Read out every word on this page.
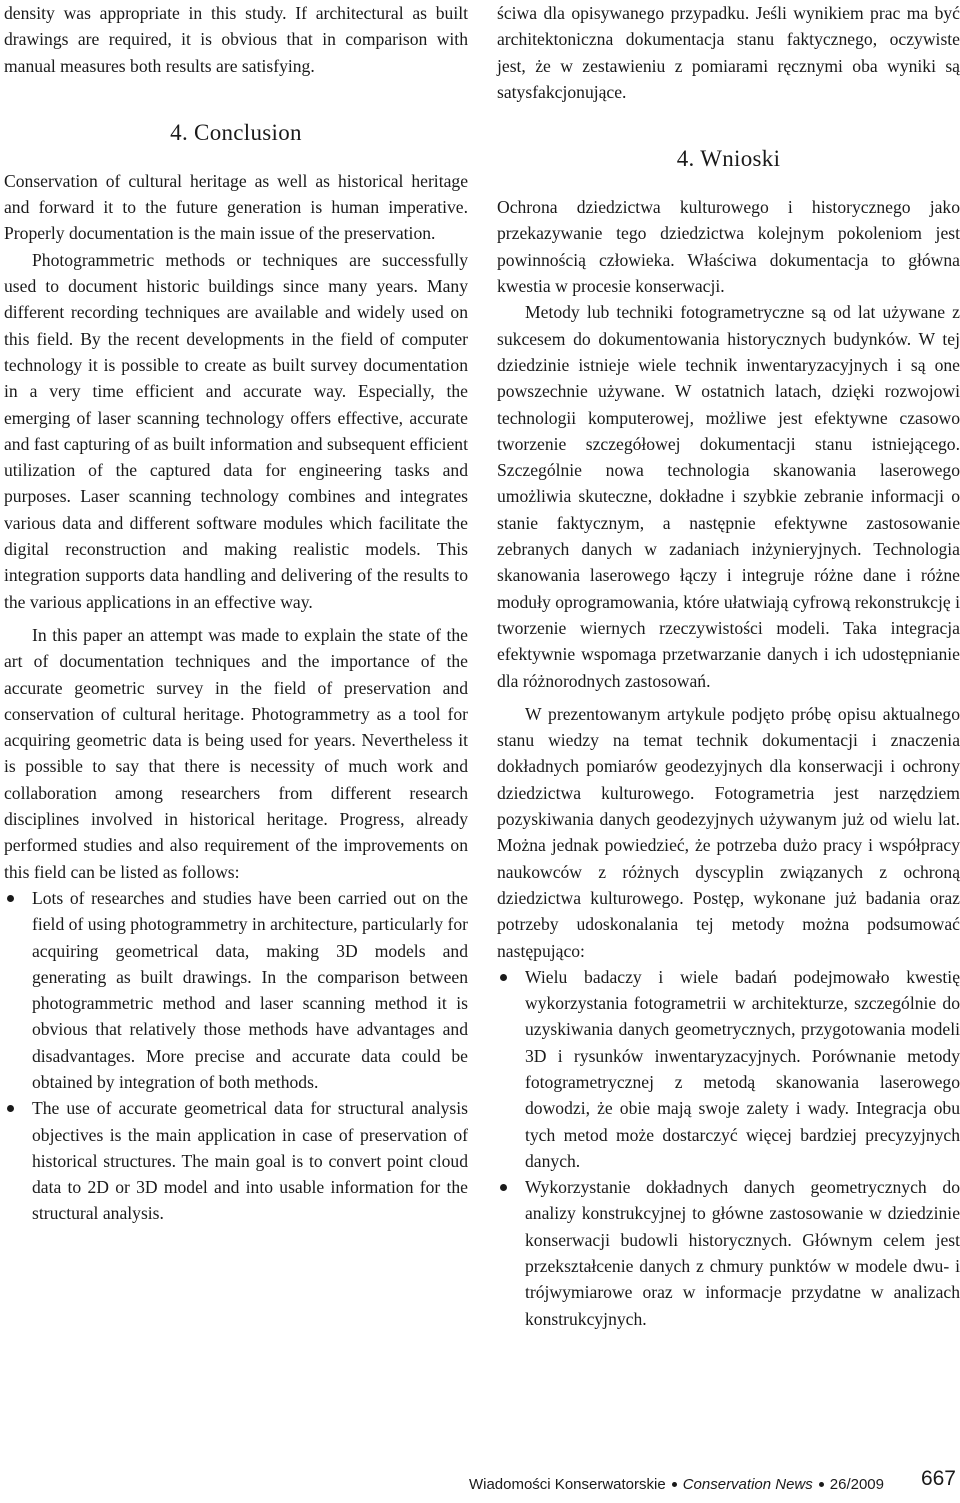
density was appropriate in this study. If architectural as built drawings are required, it is obvious that in comparison with manual measures both results are satisfying.

4. Conclusion

Conservation of cultural heritage as well as historical heritage and forward it to the future generation is human imperative. Properly documentation is the main issue of the preservation.

Photogrammetric methods or techniques are successfully used to document historic buildings since many years. Many different recording techniques are available and widely used on this field. By the recent developments in the field of computer technology it is possible to create as built survey documentation in a very time efficient and accurate way. Especially, the emerging of laser scanning technology offers effective, accurate and fast capturing of as built information and subsequent efficient utilization of the captured data for engineering tasks and purposes. Laser scanning technology combines and integrates various data and different software modules which facilitate the digital reconstruction and making realistic models. This integration supports data handling and delivering of the results to the various applications in an effective way.

In this paper an attempt was made to explain the state of the art of documentation techniques and the importance of the accurate geometric survey in the field of preservation and conservation of cultural heritage. Photogrammetry as a tool for acquiring geometric data is being used for years. Nevertheless it is possible to say that there is necessity of much work and collaboration among researchers from different research disciplines involved in historical heritage. Progress, already performed studies and also requirement of the improvements on this field can be listed as follows:

Lots of researches and studies have been carried out on the field of using photogrammetry in architecture, particularly for acquiring geometrical data, making 3D models and generating as built drawings. In the comparison between photogrammetric method and laser scanning method it is obvious that relatively those methods have advantages and disadvantages. More precise and accurate data could be obtained by integration of both methods.
The use of accurate geometrical data for structural analysis objectives is the main application in case of preservation of historical structures. The main goal is to convert point cloud data to 2D or 3D model and into usable information for the structural analysis.

ściwa dla opisywanego przypadku. Jeśli wynikiem prac ma być architektoniczna dokumentacja stanu faktycznego, oczywiste jest, że w zestawieniu z pomiarami ręcznymi oba wyniki są satysfakcjonujące.

4. Wnioski

Ochrona dziedzictwa kulturowego i historycznego jako przekazywanie tego dziedzictwa kolejnym pokoleniom jest powinnością człowieka. Właściwa dokumentacja to główna kwestia w procesie konserwacji.

Metody lub techniki fotogrametryczne są od lat używane z sukcesem do dokumentowania historycznych budynków. W tej dziedzinie istnieje wiele technik inwentaryzacyjnych i są one powszechnie używane. W ostatnich latach, dzięki rozwojowi technologii komputerowej, możliwe jest efektywne czasowo tworzenie szczegółowej dokumentacji stanu istniejącego. Szczególnie nowa technologia skanowania laserowego umożliwia skuteczne, dokładne i szybkie zebranie informacji o stanie faktycznym, a następnie efektywne zastosowanie zebranych danych w zadaniach inżynieryjnych. Technologia skanowania laserowego łączy i integruje różne dane i różne moduły oprogramowania, które ułatwiają cyfrową rekonstrukcję i tworzenie wiernych rzeczywistości modeli. Taka integracja efektywnie wspomaga przetwarzanie danych i ich udostępnianie dla różnorodnych zastosowań.

W prezentowanym artykule podjęto próbę opisu aktualnego stanu wiedzy na temat technik dokumentacji i znaczenia dokładnych pomiarów geodezyjnych dla konserwacji i ochrony dziedzictwa kulturowego. Fotogrametria jest narzędziem pozyskiwania danych geodezyjnych używanym już od wielu lat. Można jednak powiedzieć, że potrzeba dużo pracy i współpracy naukowców z różnych dyscyplin związanych z ochroną dziedzictwa kulturowego. Postęp, wykonane już badania oraz potrzeby udoskonalania tej metody można podsumować następująco:

Wielu badaczy i wiele badań podejmowało kwestię wykorzystania fotogrametrii w architekturze, szczególnie do uzyskiwania danych geometrycznych, przygotowania modeli 3D i rysunków inwentaryzacyjnych. Porównanie metody fotogrametrycznej z metodą skanowania laserowego dowodzi, że obie mają swoje zalety i wady. Integracja obu tych metod może dostarczyć więcej bardziej precyzyjnych danych.
Wykorzystanie dokładnych danych geometrycznych do analizy konstrukcyjnej to główne zastosowanie w dziedzinie konserwacji budowli historycznych. Głównym celem jest przekształcenie danych z chmury punktów w modele dwu- i trójwymiarowe oraz w informacje przydatne w analizach konstrukcyjnych.
Wiadomości Konserwatorskie Conservation News 26/2009 667
